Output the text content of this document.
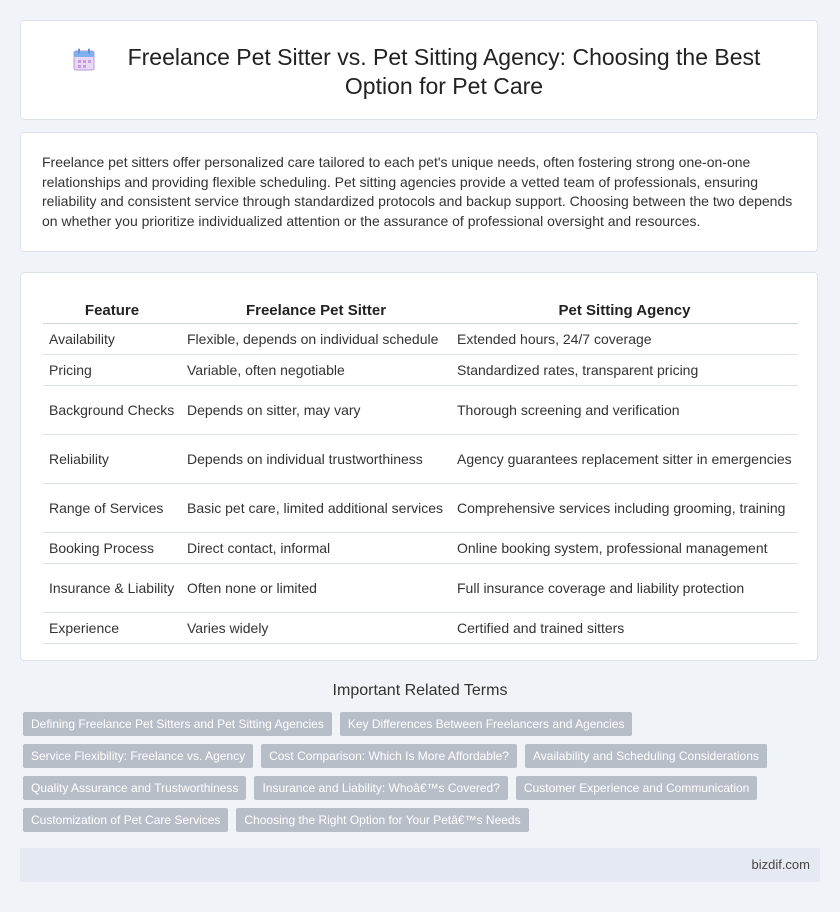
Freelance Pet Sitter vs. Pet Sitting Agency: Choosing the Best Option for Pet Care

Freelance pet sitters offer personalized care tailored to each pet's unique needs, often fostering strong one-on-one relationships and providing flexible scheduling. Pet sitting agencies provide a vetted team of professionals, ensuring reliability and consistent service through standardized protocols and backup support. Choosing between the two depends on whether you prioritize individualized attention or the assurance of professional oversight and resources.

Feature	Freelance Pet Sitter	Pet Sitting Agency
Availability	Flexible, depends on individual schedule	Extended hours, 24/7 coverage
Pricing	Variable, often negotiable	Standardized rates, transparent pricing
Background Checks	Depends on sitter, may vary	Thorough screening and verification
Reliability	Depends on individual trustworthiness	Agency guarantees replacement sitter in emergencies
Range of Services	Basic pet care, limited additional services	Comprehensive services including grooming, training
Booking Process	Direct contact, informal	Online booking system, professional management
Insurance & Liability	Often none or limited	Full insurance coverage and liability protection
Experience	Varies widely	Certified and trained sitters
Important Related Terms
Defining Freelance Pet Sitters and Pet Sitting Agencies	Key Differences Between Freelancers and Agencies
Service Flexibility: Freelance vs. Agency	Cost Comparison: Which Is More Affordable?	Availability and Scheduling Considerations
Quality Assurance and Trustworthiness	Insurance and Liability: Whoâ€™s Covered?	Customer Experience and Communication
Customization of Pet Care Services	Choosing the Right Option for Your Petâ€™s Needs
bizdif.com
